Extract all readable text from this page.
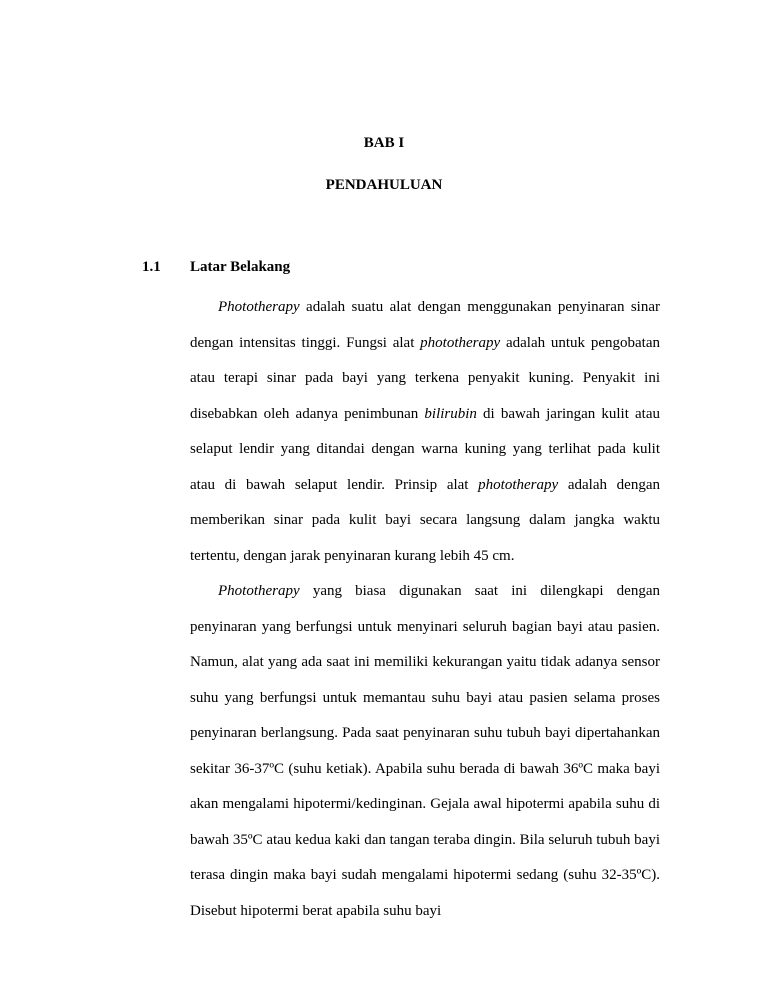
BAB I
PENDAHULUAN
1.1 Latar Belakang

Phototherapy adalah suatu alat dengan menggunakan penyinaran sinar dengan intensitas tinggi. Fungsi alat phototherapy adalah untuk pengobatan atau terapi sinar pada bayi yang terkena penyakit kuning. Penyakit ini disebabkan oleh adanya penimbunan bilirubin di bawah jaringan kulit atau selaput lendir yang ditandai dengan warna kuning yang terlihat pada kulit atau di bawah selaput lendir. Prinsip alat phototherapy adalah dengan memberikan sinar pada kulit bayi secara langsung dalam jangka waktu tertentu, dengan jarak penyinaran kurang lebih 45 cm.

Phototherapy yang biasa digunakan saat ini dilengkapi dengan penyinaran yang berfungsi untuk menyinari seluruh bagian bayi atau pasien. Namun, alat yang ada saat ini memiliki kekurangan yaitu tidak adanya sensor suhu yang berfungsi untuk memantau suhu bayi atau pasien selama proses penyinaran berlangsung. Pada saat penyinaran suhu tubuh bayi dipertahankan sekitar 36-37ºC (suhu ketiak). Apabila suhu berada di bawah 36ºC maka bayi akan mengalami hipotermi/kedinginan. Gejala awal hipotermi apabila suhu di bawah 35ºC atau kedua kaki dan tangan teraba dingin. Bila seluruh tubuh bayi terasa dingin maka bayi sudah mengalami hipotermi sedang (suhu 32-35ºC). Disebut hipotermi berat apabila suhu bayi
